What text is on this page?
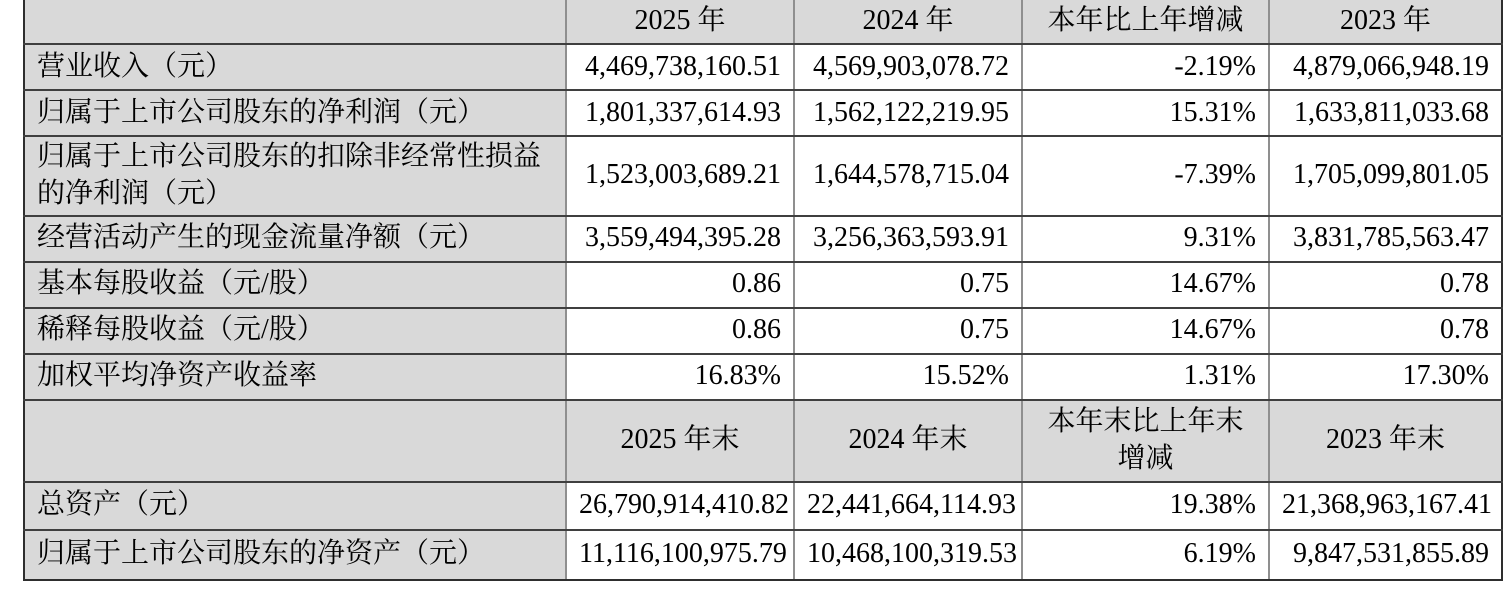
	2025 年	2024 年	本年比上年增减	2023 年
营业收入（元）	4,469,738,160.51	4,569,903,078.72	-2.19%	4,879,066,948.19
归属于上市公司股东的净利润（元）	1,801,337,614.93	1,562,122,219.95	15.31%	1,633,811,033.68
归属于上市公司股东的扣除非经常性损益的净利润（元）	1,523,003,689.21	1,644,578,715.04	-7.39%	1,705,099,801.05
经营活动产生的现金流量净额（元）	3,559,494,395.28	3,256,363,593.91	9.31%	3,831,785,563.47
基本每股收益（元/股）	0.86	0.75	14.67%	0.78
稀释每股收益（元/股）	0.86	0.75	14.67%	0.78
加权平均净资产收益率	16.83%	15.52%	1.31%	17.30%
	2025 年末	2024 年末	本年末比上年末增减	2023 年末
总资产（元）	26,790,914,410.82	22,441,664,114.93	19.38%	21,368,963,167.41
归属于上市公司股东的净资产（元）	11,116,100,975.79	10,468,100,319.53	6.19%	9,847,531,855.89
